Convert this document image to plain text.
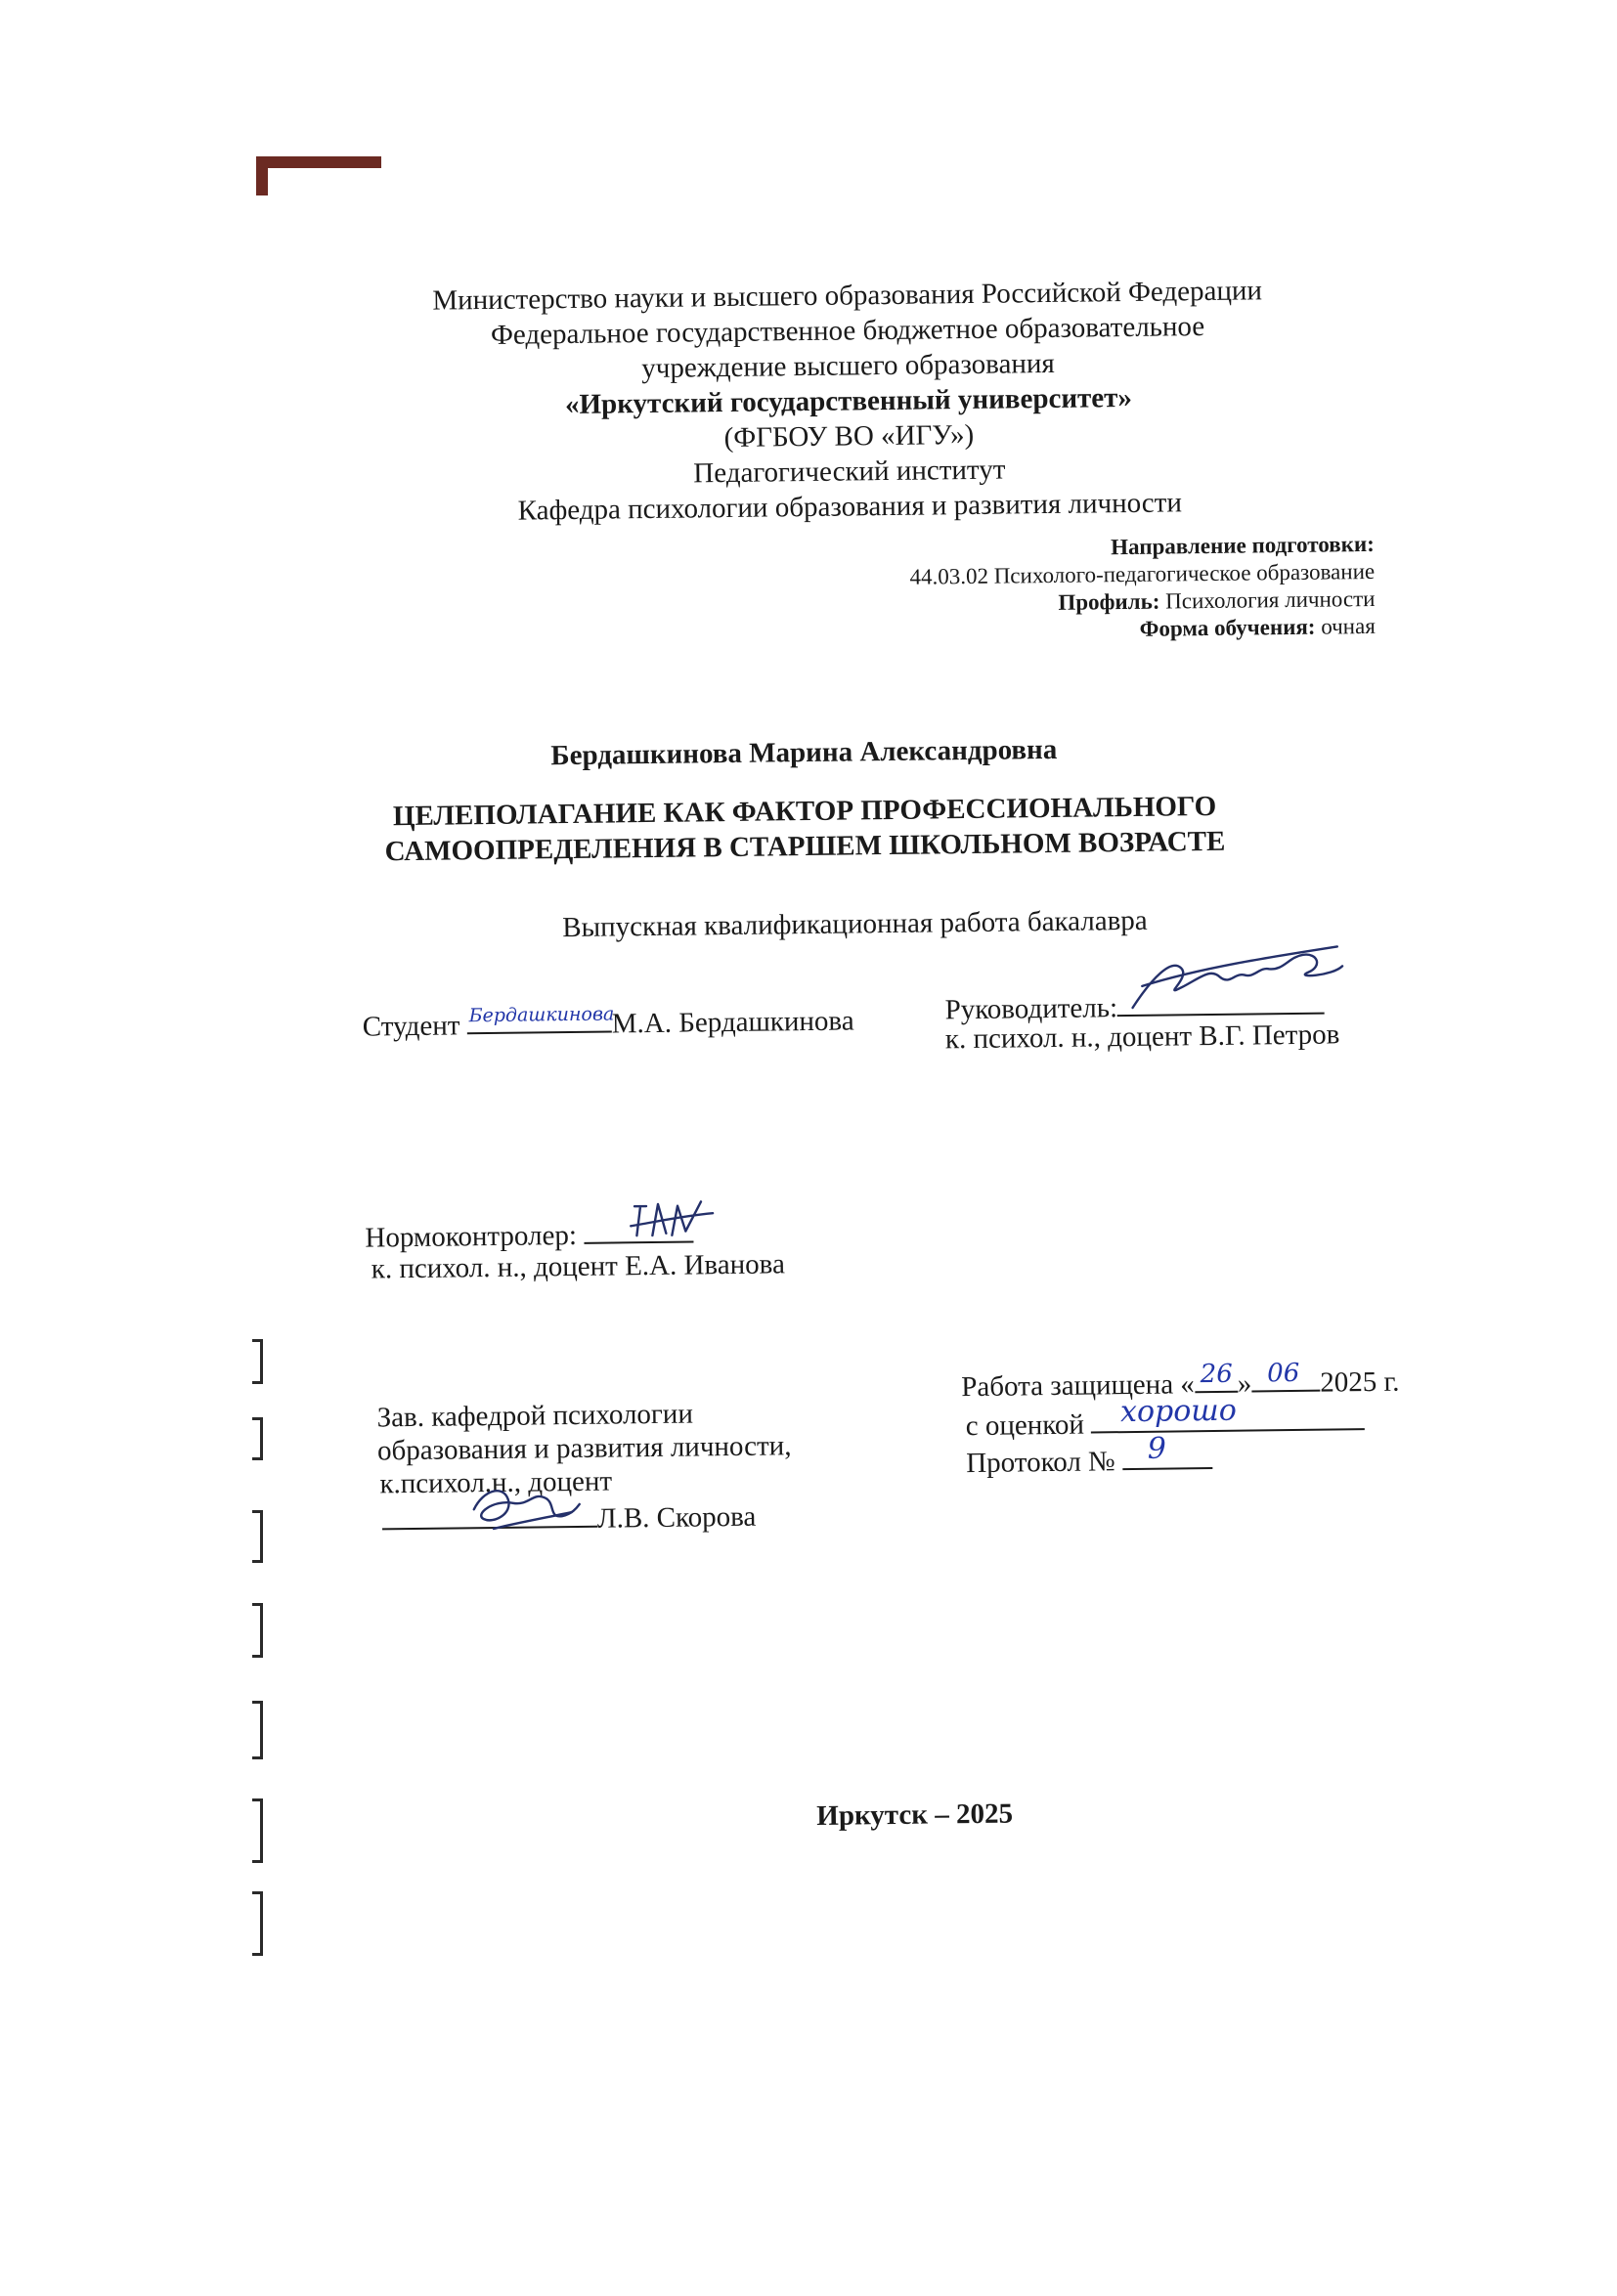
Министерство науки и высшего образования Российской Федерации
Федеральное государственное бюджетное образовательное
учреждение высшего образования
«Иркутский государственный университет»
(ФГБОУ ВО «ИГУ»)
Педагогический институт
Кафедра психологии образования и развития личности
Направление подготовки:
44.03.02 Психолого-педагогическое образование
Профиль: Психология личности
Форма обучения: очная
Бердашкинова Марина Александровна
ЦЕЛЕПОЛАГАНИЕ КАК ФАКТОР ПРОФЕССИОНАЛЬНОГО
САМООПРЕДЕЛЕНИЯ В СТАРШЕМ ШКОЛЬНОМ ВОЗРАСТЕ
Выпускная квалификационная работа бакалавра
Студент Бердашкинова
М.А. Бердашкинова	Руководитель:
к. психол. н., доцент В.Г. Петров
Нормоконтролер:
к. психол. н., доцент Е.А. Иванова
Зав. кафедрой психологии
образования и развития личности,
к.психол.н., доцент
Л.В. Скорова
Работа защищена « 26 » 06 2025 г.
с оценкой хорошо
Протокол № 9
Иркутск – 2025
